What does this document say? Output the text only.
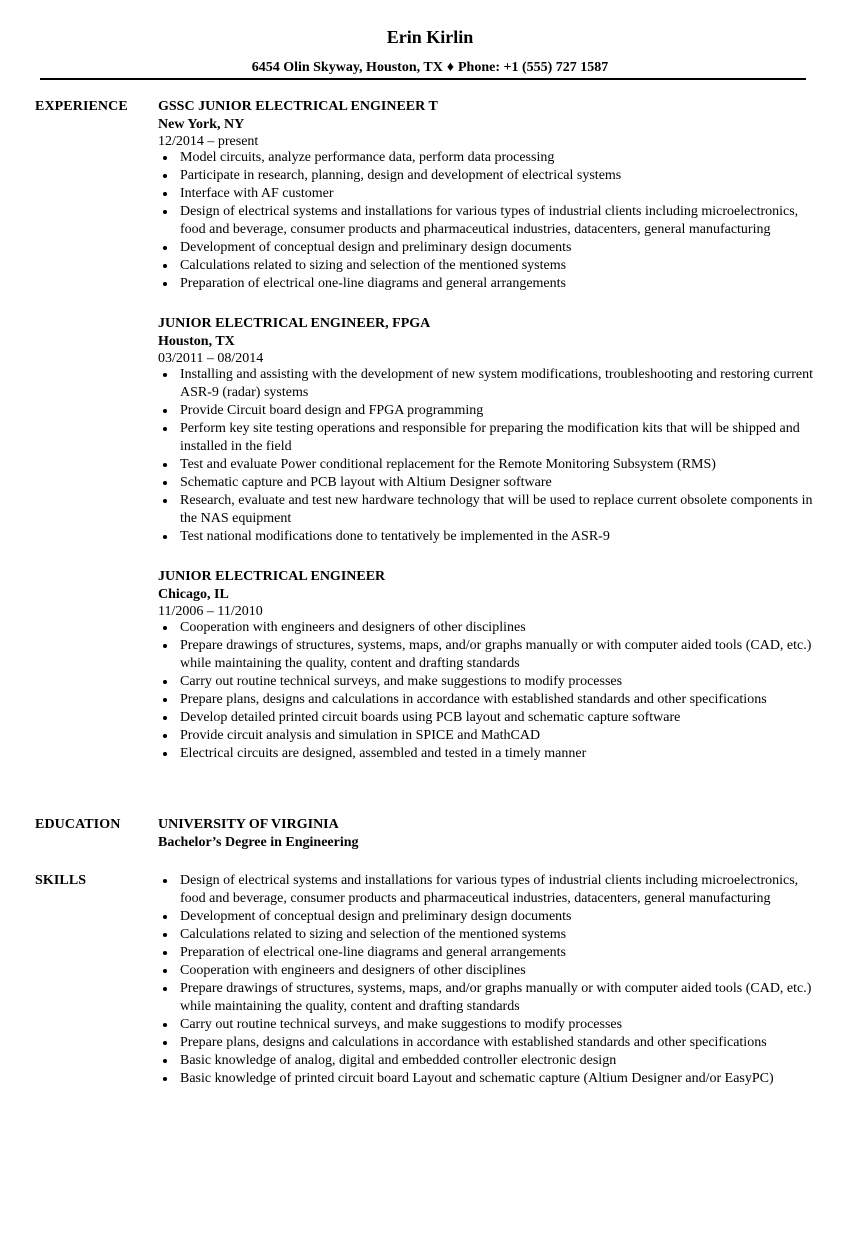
Erin Kirlin
6454 Olin Skyway, Houston, TX ♦ Phone: +1 (555) 727 1587
EXPERIENCE GSSC JUNIOR ELECTRICAL ENGINEER T
New York, NY
12/2014 – present
Model circuits, analyze performance data, perform data processing
Participate in research, planning, design and development of electrical systems
Interface with AF customer
Design of electrical systems and installations for various types of industrial clients including microelectronics, food and beverage, consumer products and pharmaceutical industries, datacenters, general manufacturing
Development of conceptual design and preliminary design documents
Calculations related to sizing and selection of the mentioned systems
Preparation of electrical one-line diagrams and general arrangements
JUNIOR ELECTRICAL ENGINEER, FPGA
Houston, TX
03/2011 – 08/2014
Installing and assisting with the development of new system modifications, troubleshooting and restoring current ASR-9 (radar) systems
Provide Circuit board design and FPGA programming
Perform key site testing operations and responsible for preparing the modification kits that will be shipped and installed in the field
Test and evaluate Power conditional replacement for the Remote Monitoring Subsystem (RMS)
Schematic capture and PCB layout with Altium Designer software
Research, evaluate and test new hardware technology that will be used to replace current obsolete components in the NAS equipment
Test national modifications done to tentatively be implemented in the ASR-9
JUNIOR ELECTRICAL ENGINEER
Chicago, IL
11/2006 – 11/2010
Cooperation with engineers and designers of other disciplines
Prepare drawings of structures, systems, maps, and/or graphs manually or with computer aided tools (CAD, etc.) while maintaining the quality, content and drafting standards
Carry out routine technical surveys, and make suggestions to modify processes
Prepare plans, designs and calculations in accordance with established standards and other specifications
Develop detailed printed circuit boards using PCB layout and schematic capture software
Provide circuit analysis and simulation in SPICE and MathCAD
Electrical circuits are designed, assembled and tested in a timely manner
EDUCATION	UNIVERSITY OF VIRGINIA
Bachelor’s Degree in Engineering
SKILLS	Design of electrical systems and installations for various types of industrial clients including microelectronics, food and beverage, consumer products and pharmaceutical industries, datacenters, general manufacturing
Development of conceptual design and preliminary design documents
Calculations related to sizing and selection of the mentioned systems
Preparation of electrical one-line diagrams and general arrangements
Cooperation with engineers and designers of other disciplines
Prepare drawings of structures, systems, maps, and/or graphs manually or with computer aided tools (CAD, etc.) while maintaining the quality, content and drafting standards
Carry out routine technical surveys, and make suggestions to modify processes
Prepare plans, designs and calculations in accordance with established standards and other specifications
Basic knowledge of analog, digital and embedded controller electronic design
Basic knowledge of printed circuit board Layout and schematic capture (Altium Designer and/or EasyPC)
